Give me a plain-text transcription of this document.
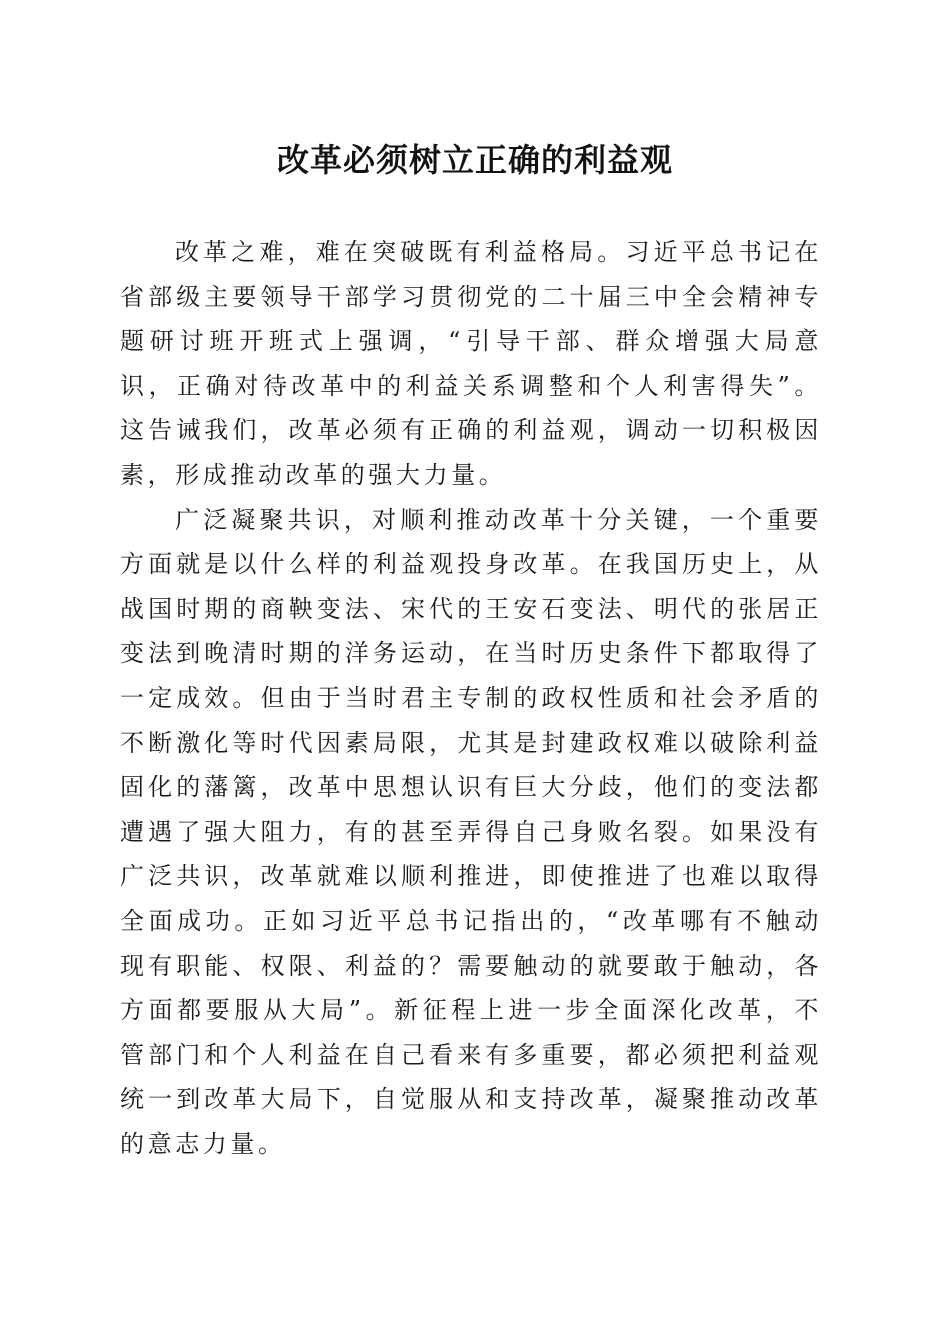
改革必须树立正确的利益观

改革之难，难在突破既有利益格局。习近平总书记在省部级主要领导干部学习贯彻党的二十届三中全会精神专题研讨班开班式上强调，“引导干部、群众增强大局意识，正确对待改革中的利益关系调整和个人利害得失”。这告诫我们，改革必须有正确的利益观，调动一切积极因素，形成推动改革的强大力量。

广泛凝聚共识，对顺利推动改革十分关键，一个重要方面就是以什么样的利益观投身改革。在我国历史上，从战国时期的商鞅变法、宋代的王安石变法、明代的张居正变法到晚清时期的洋务运动，在当时历史条件下都取得了一定成效。但由于当时君主专制的政权性质和社会矛盾的不断激化等时代因素局限，尤其是封建政权难以破除利益固化的藩篱，改革中思想认识有巨大分歧，他们的变法都遭遇了强大阻力，有的甚至弄得自己身败名裂。如果没有广泛共识，改革就难以顺利推进，即使推进了也难以取得全面成功。正如习近平总书记指出的，“改革哪有不触动现有职能、权限、利益的？需要触动的就要敢于触动，各方面都要服从大局”。新征程上进一步全面深化改革，不管部门和个人利益在自己看来有多重要，都必须把利益观统一到改革大局下，自觉服从和支持改革，凝聚推动改革的意志力量。
